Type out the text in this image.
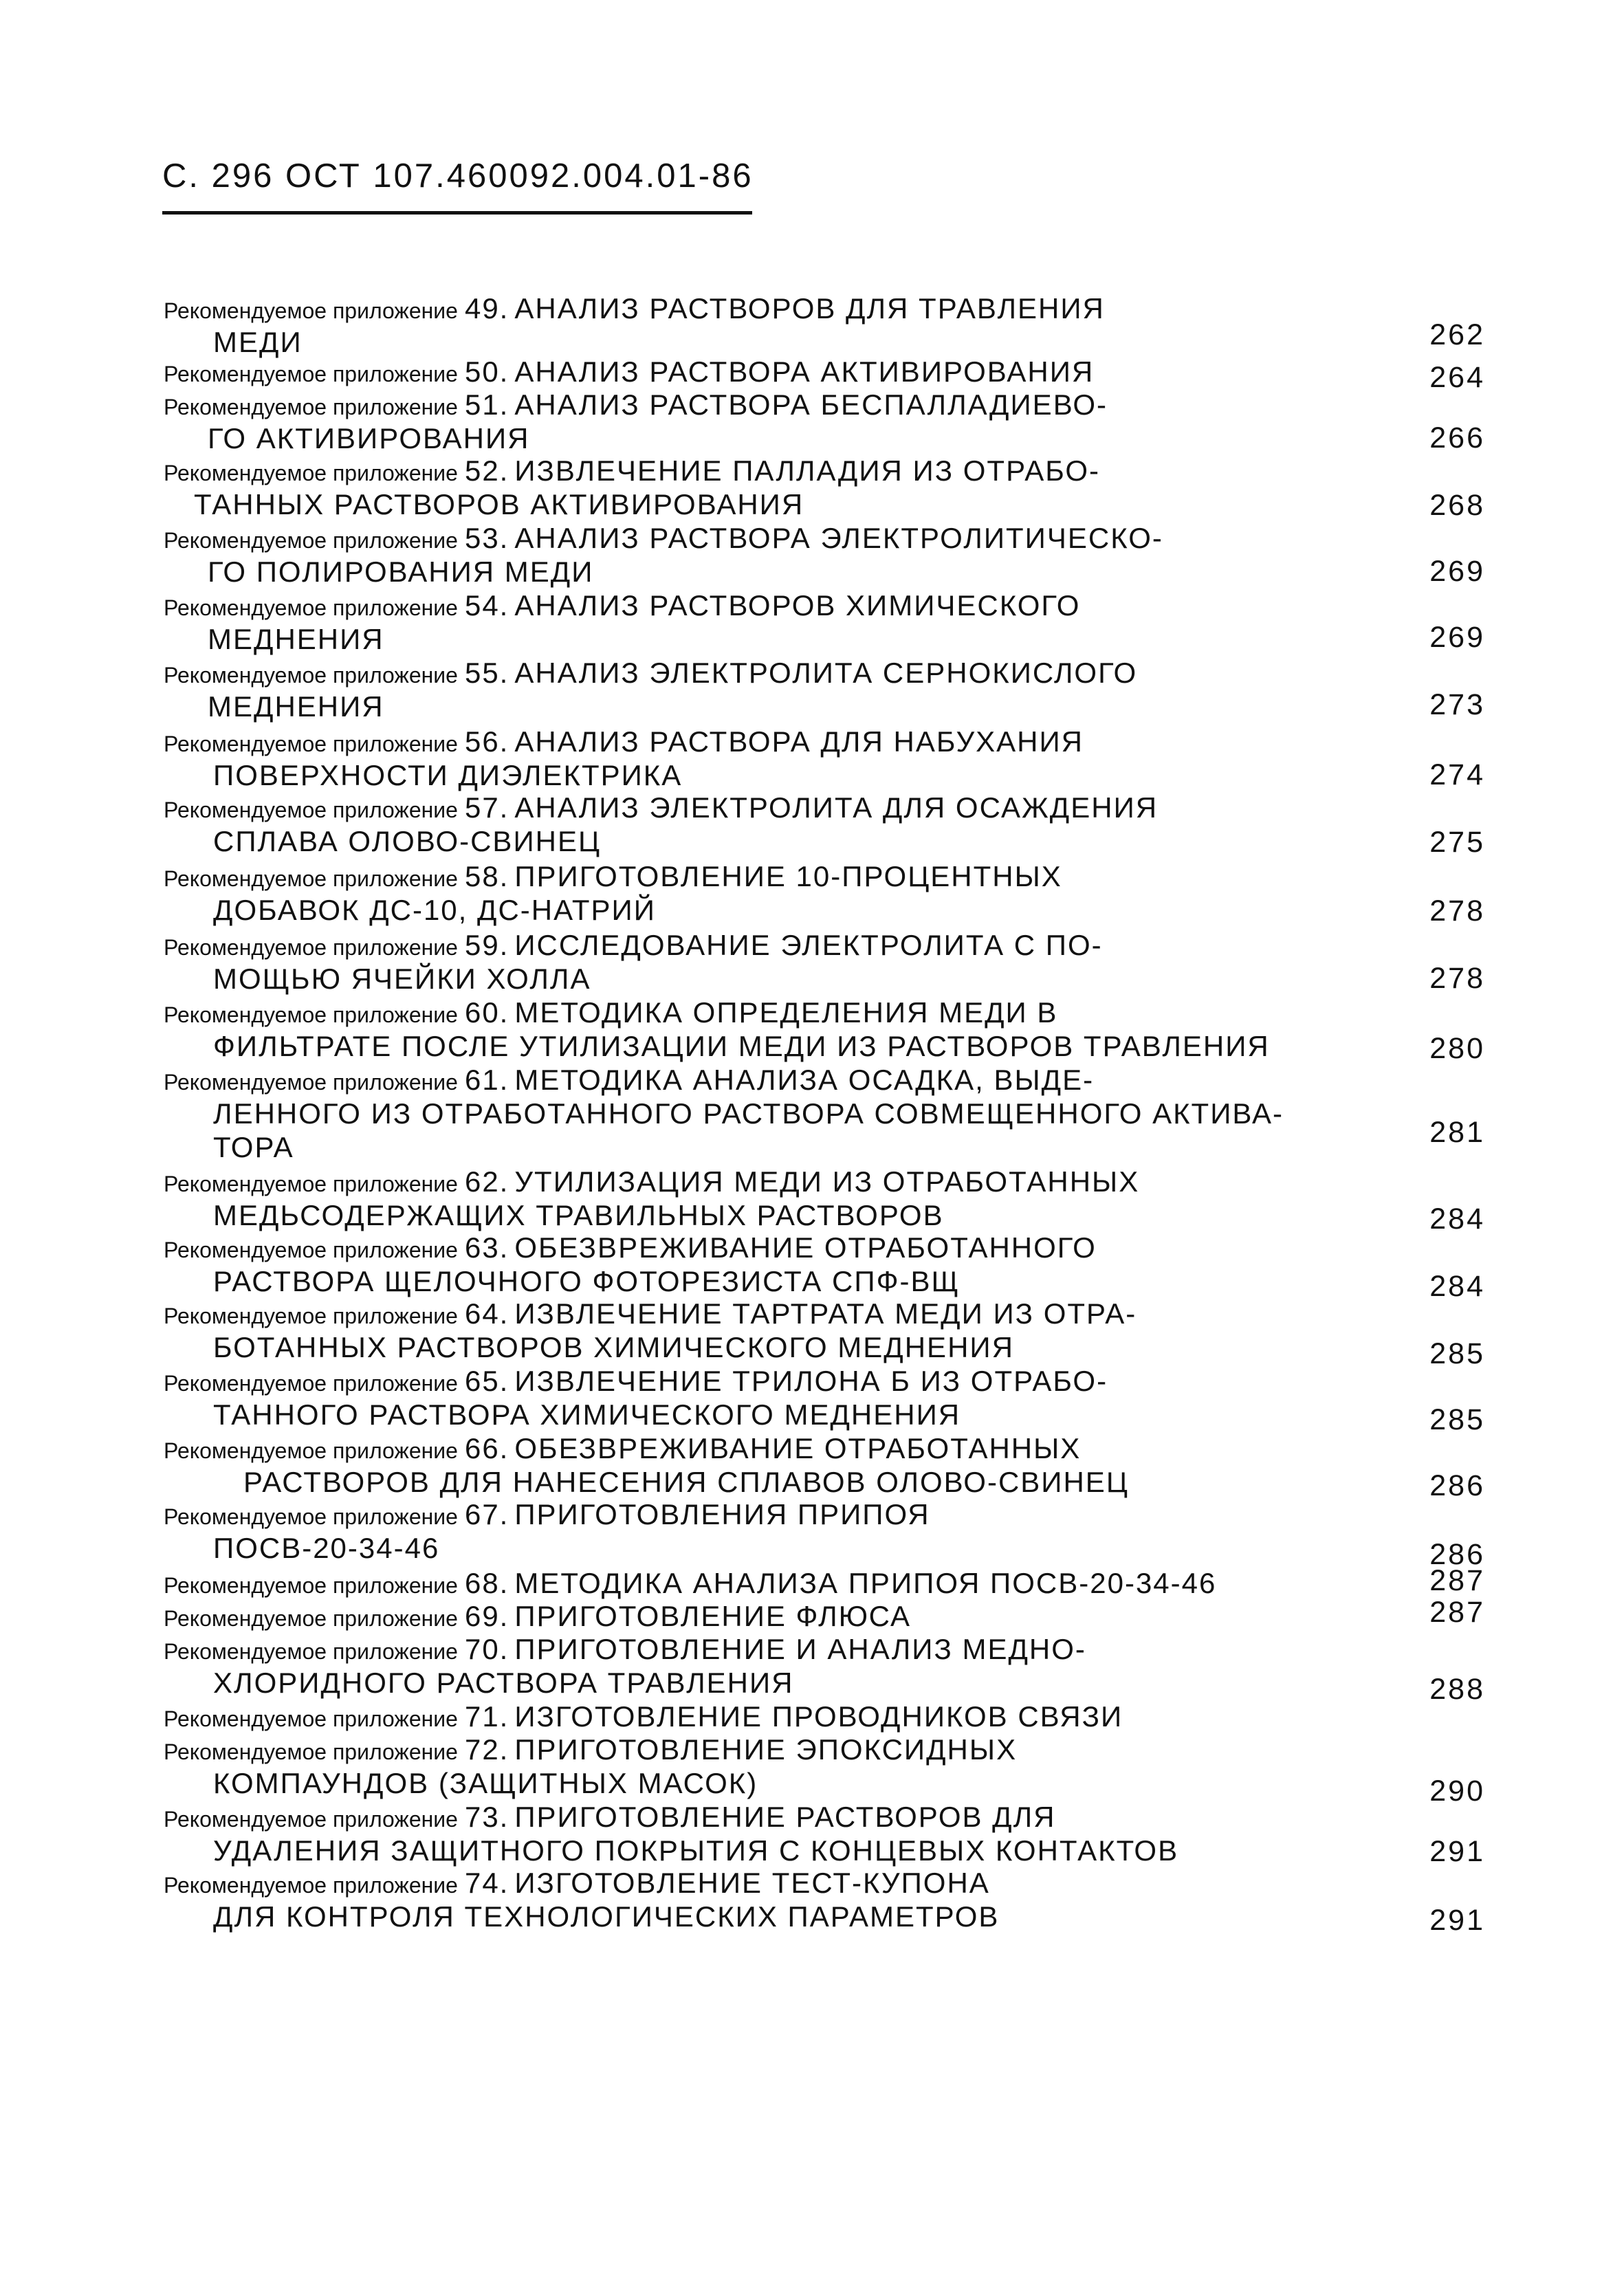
С. 296 ОСТ 107.460092.004.01-86
Рекомендуемое приложение 49. АНАЛИЗ РАСТВОРОВ ДЛЯ ТРАВЛЕНИЯ
МЕДИ	262
Рекомендуемое приложение 50. АНАЛИЗ РАСТВОРА АКТИВИРОВАНИЯ	264
Рекомендуемое приложение 51. АНАЛИЗ РАСТВОРА БЕСПАЛЛАДИЕВО-
ГО АКТИВИРОВАНИЯ	266
Рекомендуемое приложение 52. ИЗВЛЕЧЕНИЕ ПАЛЛАДИЯ ИЗ ОТРАБО-
ТАННЫХ РАСТВОРОВ АКТИВИРОВАНИЯ	268
Рекомендуемое приложение 53. АНАЛИЗ РАСТВОРА ЭЛЕКТРОЛИТИЧЕСКО-
ГО ПОЛИРОВАНИЯ МЕДИ	269
Рекомендуемое приложение 54. АНАЛИЗ РАСТВОРОВ ХИМИЧЕСКОГО
МЕДНЕНИЯ	269
Рекомендуемое приложение 55. АНАЛИЗ ЭЛЕКТРОЛИТА СЕРНОКИСЛОГО
МЕДНЕНИЯ	273
Рекомендуемое приложение 56. АНАЛИЗ РАСТВОРА ДЛЯ НАБУХАНИЯ
ПОВЕРХНОСТИ ДИЭЛЕКТРИКА	274
Рекомендуемое приложение 57. АНАЛИЗ ЭЛЕКТРОЛИТА ДЛЯ ОСАЖДЕНИЯ
СПЛАВА ОЛОВО-СВИНЕЦ	275
Рекомендуемое приложение 58. ПРИГОТОВЛЕНИЕ 10-ПРОЦЕНТНЫХ
ДОБАВОК ДС-10, ДС-НАТРИЙ	278
Рекомендуемое приложение 59. ИССЛЕДОВАНИЕ ЭЛЕКТРОЛИТА С ПО-
МОЩЬЮ ЯЧЕЙКИ ХОЛЛА	278
Рекомендуемое приложение 60. МЕТОДИКА ОПРЕДЕЛЕНИЯ МЕДИ В
ФИЛЬТРАТЕ ПОСЛЕ УТИЛИЗАЦИИ МЕДИ ИЗ РАСТВОРОВ ТРАВЛЕНИЯ	280
Рекомендуемое приложение 61. МЕТОДИКА АНАЛИЗА ОСАДКА, ВЫДЕ-
ЛЕННОГО ИЗ ОТРАБОТАННОГО РАСТВОРА СОВМЕЩЕННОГО АКТИВА-
ТОРА	281
Рекомендуемое приложение 62. УТИЛИЗАЦИЯ МЕДИ ИЗ ОТРАБОТАННЫХ
МЕДЬСОДЕРЖАЩИХ ТРАВИЛЬНЫХ РАСТВОРОВ	284
Рекомендуемое приложение 63. ОБЕЗВРЕЖИВАНИЕ ОТРАБОТАННОГО
РАСТВОРА ЩЕЛОЧНОГО ФОТОРЕЗИСТА СПФ-ВЩ	284
Рекомендуемое приложение 64. ИЗВЛЕЧЕНИЕ ТАРТРАТА МЕДИ ИЗ ОТРА-
БОТАННЫХ РАСТВОРОВ ХИМИЧЕСКОГО МЕДНЕНИЯ	285
Рекомендуемое приложение 65. ИЗВЛЕЧЕНИЕ ТРИЛОНА Б ИЗ ОТРАБО-
ТАННОГО РАСТВОРА ХИМИЧЕСКОГО МЕДНЕНИЯ	285
Рекомендуемое приложение 66. ОБЕЗВРЕЖИВАНИЕ ОТРАБОТАННЫХ
РАСТВОРОВ ДЛЯ НАНЕСЕНИЯ СПЛАВОВ ОЛОВО-СВИНЕЦ	286
Рекомендуемое приложение 67. ПРИГОТОВЛЕНИЯ ПРИПОЯ
ПОСВ-20-34-46	286
Рекомендуемое приложение 68. МЕТОДИКА АНАЛИЗА ПРИПОЯ ПОСВ-20-34-46	287
Рекомендуемое приложение 69. ПРИГОТОВЛЕНИЕ ФЛЮСА	287
Рекомендуемое приложение 70. ПРИГОТОВЛЕНИЕ И АНАЛИЗ МЕДНО-
ХЛОРИДНОГО РАСТВОРА ТРАВЛЕНИЯ	288
Рекомендуемое приложение 71. ИЗГОТОВЛЕНИЕ ПРОВОДНИКОВ СВЯЗИ
Рекомендуемое приложение 72. ПРИГОТОВЛЕНИЕ ЭПОКСИДНЫХ
КОМПАУНДОВ (ЗАЩИТНЫХ МАСОК)	290
Рекомендуемое приложение 73. ПРИГОТОВЛЕНИЕ РАСТВОРОВ ДЛЯ
УДАЛЕНИЯ ЗАЩИТНОГО ПОКРЫТИЯ С КОНЦЕВЫХ КОНТАКТОВ	291
Рекомендуемое приложение 74. ИЗГОТОВЛЕНИЕ ТЕСТ-КУПОНА
ДЛЯ КОНТРОЛЯ ТЕХНОЛОГИЧЕСКИХ ПАРАМЕТРОВ	291
